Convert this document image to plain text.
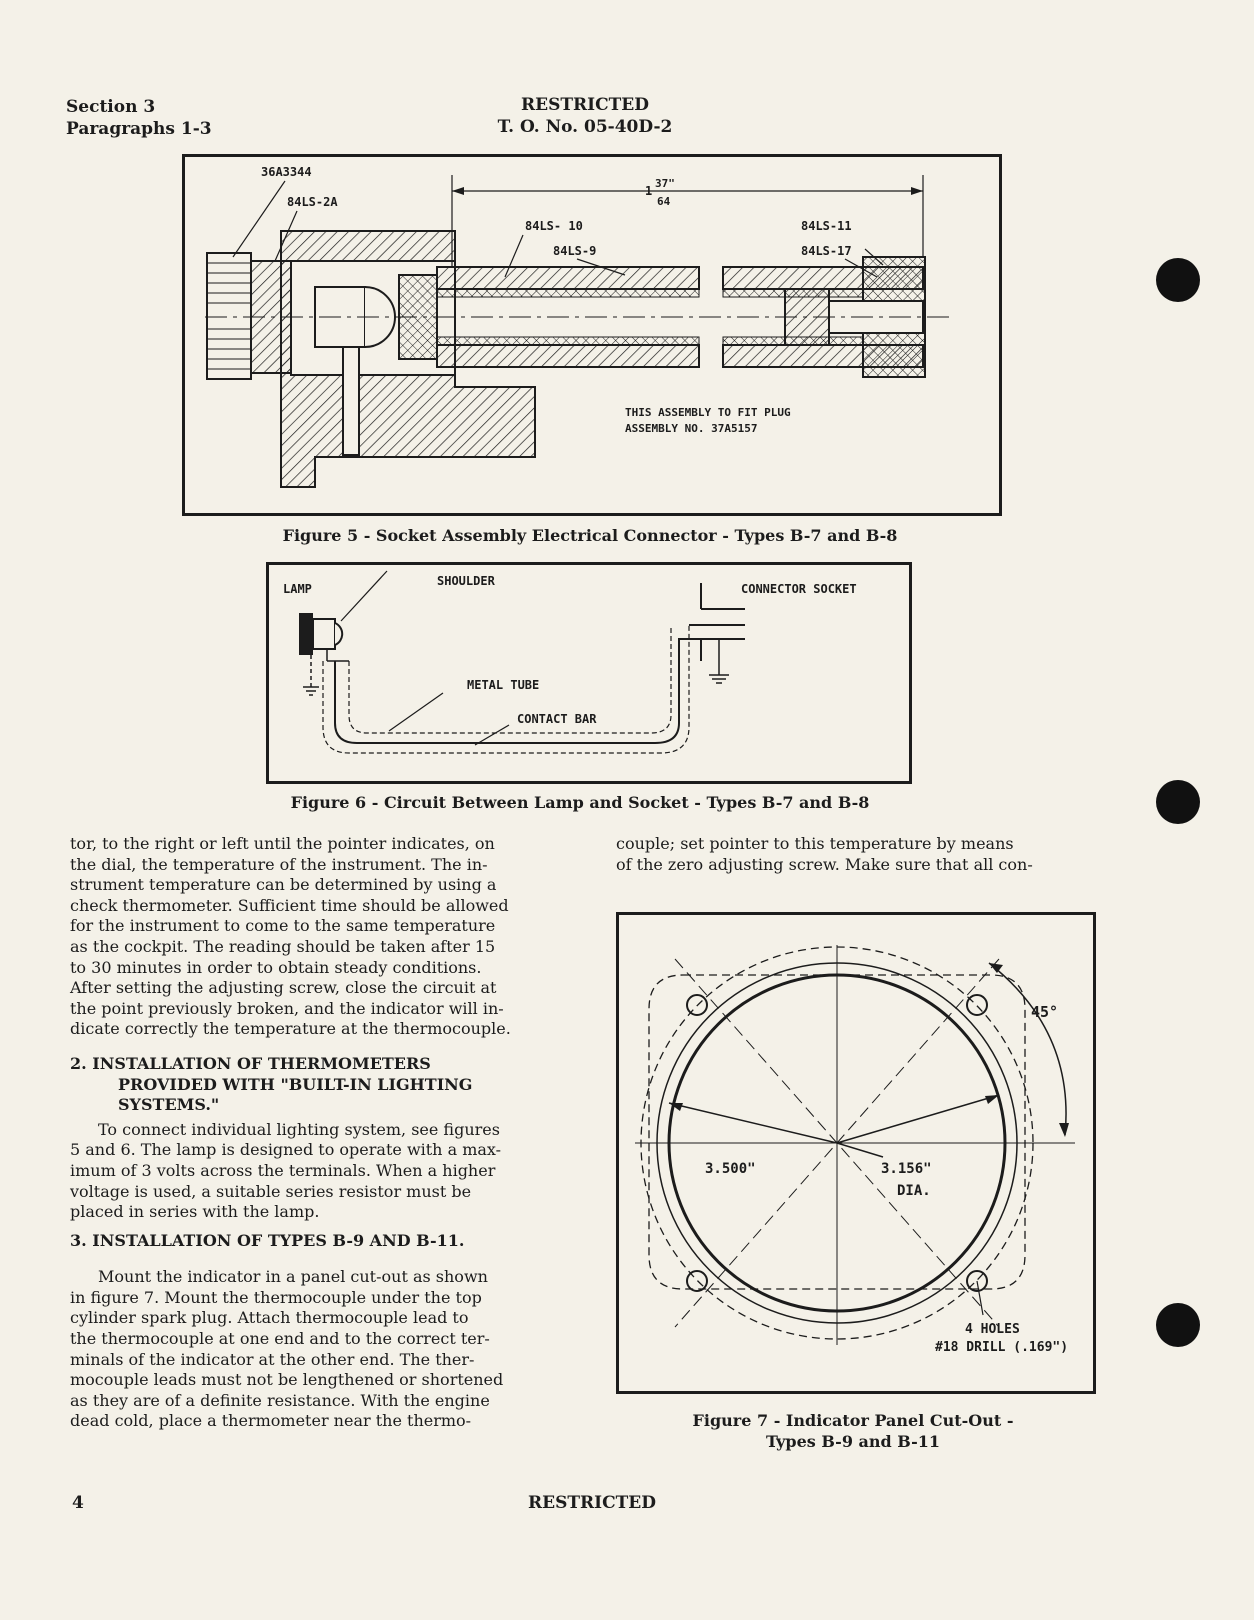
Section 3
Paragraphs 1-3
RESTRICTED
T. O. No. 05-40D-2
1
37"
64
36A3344
84LS-2A
84LS- 10
84LS-9
84LS-11
84LS-17
THIS ASSEMBLY TO FIT PLUG
ASSEMBLY NO. 37A5157
Figure 5 - Socket Assembly Electrical Connector - Types B-7 and B-8
LAMP
SHOULDER
CONNECTOR SOCKET
METAL TUBE
CONTACT BAR
Figure 6 - Circuit Between Lamp and Socket - Types B-7 and B-8

tor, to the right or left until the pointer indicates, on

the dial, the temperature of the instrument. The in-

strument temperature can be determined by using a

check thermometer. Sufficient time should be allowed

for the instrument to come to the same temperature

as the cockpit. The reading should be taken after 15

to 30 minutes in order to obtain steady conditions.

After setting the adjusting screw, close the circuit at

the point previously broken, and the indicator will in-

dicate correctly the temperature at the thermocouple.

2. INSTALLATION OF THERMOMETERS

PROVIDED WITH "BUILT-IN LIGHTING

SYSTEMS."

To connect individual lighting system, see figures

5 and 6. The lamp is designed to operate with a max-

imum of 3 volts across the terminals. When a higher

voltage is used, a suitable series resistor must be

placed in series with the lamp.

3. INSTALLATION OF TYPES B-9 AND B-11.

Mount the indicator in a panel cut-out as shown

in figure 7. Mount the thermocouple under the top

cylinder spark plug. Attach thermocouple lead to

the thermocouple at one end and to the correct ter-

minals of the indicator at the other end. The ther-

mocouple leads must not be lengthened or shortened

as they are of a definite resistance. With the engine

dead cold, place a thermometer near the thermo-

couple; set pointer to this temperature by means

of the zero adjusting screw. Make sure that all con-

45°
3.500"	3.156"
DIA.
4 HOLES
#18 DRILL (.169")
Figure 7 - Indicator Panel Cut-Out -
Types B-9 and B-11
4	RESTRICTED
